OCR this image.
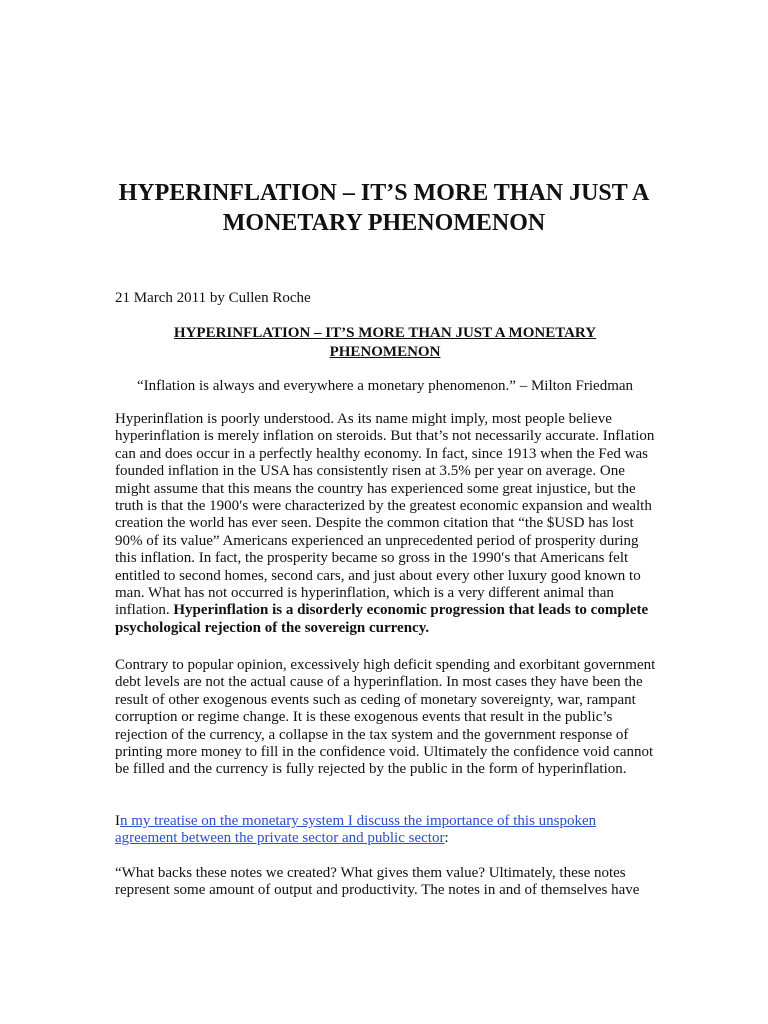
HYPERINFLATION – IT’S MORE THAN JUST A
MONETARY PHENOMENON

21 March 2011 by Cullen Roche

HYPERINFLATION – IT’S MORE THAN JUST A MONETARY
PHENOMENON

“Inflation is always and everywhere a monetary phenomenon.” – Milton Friedman

Hyperinflation is poorly understood. As its name might imply, most people believe hyperinflation is merely inflation on steroids. But that’s not necessarily accurate. Inflation can and does occur in a perfectly healthy economy. In fact, since 1913 when the Fed was founded inflation in the USA has consistently risen at 3.5% per year on average. One might assume that this means the country has experienced some great injustice, but the truth is that the 1900′s were characterized by the greatest economic expansion and wealth creation the world has ever seen. Despite the common citation that “the $USD has lost 90% of its value” Americans experienced an unprecedented period of prosperity during this inflation. In fact, the prosperity became so gross in the 1990′s that Americans felt entitled to second homes, second cars, and just about every other luxury good known to man. What has not occurred is hyperinflation, which is a very different animal than inflation. Hyperinflation is a disorderly economic progression that leads to complete psychological rejection of the sovereign currency.

Contrary to popular opinion, excessively high deficit spending and exorbitant government debt levels are not the actual cause of a hyperinflation. In most cases they have been the result of other exogenous events such as ceding of monetary sovereignty, war, rampant corruption or regime change. It is these exogenous events that result in the public’s rejection of the currency, a collapse in the tax system and the government response of printing more money to fill in the confidence void. Ultimately the confidence void cannot be filled and the currency is fully rejected by the public in the form of hyperinflation.

In my treatise on the monetary system I discuss the importance of this unspoken agreement between the private sector and public sector:

“What backs these notes we created? What gives them value? Ultimately, these notes represent some amount of output and productivity. The notes in and of themselves have
